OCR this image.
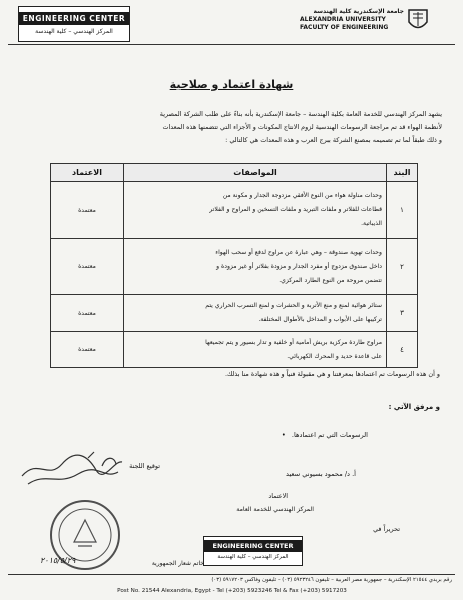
ENGINEERING CENTER
المركز الهندسي – كلية الهندسة
جامعة الإسكندرية كلية الهندسة
ALEXANDRIA UNIVERSITY
FACULTY OF ENGINEERING
شهادة اعتماد و صلاحية
يشهد المركز الهندسي للخدمة العامة بكلية الهندسة – جامعة الإسكندرية بأنه بناءً على طلب الشركة المصرية
لأنظمة الهواء قد تم مراجعة الرسومات الهندسية لزوم الانتاج المكونات و الأجزاء التي تتضمنها هذه المعدات
و ذلك طبقاً لما تم تصميمه بمصنع الشركة ببرج العرب و هذه المعدات هي كالتالي :
البند	المواصفات	الاعتماد
١	وحدات مناولة هواء من النوع الأفقي مزدوجة الجدار و مكونة من
قطاعات للفلاتر و ملفات التبريد و ملفات التسخين و المراوح و الفلاتر
الذيباتية.	معتمدة
٢	وحدات تهوية صندوقة – وهي عبارة عن مراوح لدفع أو سحب الهواء
داخل صندوق مزدوج أو مفرد الجدار و مزودة بفلاتر أو غير مزودة و
تتضمن مروحة من النوع الطارد المركزي.	معتمدة
٣	ستائر هوائية لمنع و منع الأتربة و الحشرات و لمنع التسرب الحراري يتم
تركيبها على الأبواب و المداخل بالأطوال المختلفة.	معتمدة
٤	مراوح طاردة مركزية بريش أمامية أو خلفية و تدار بسيور و يتم تجميعها
على قاعدة حديد و المحرك الكهربائي.	معتمدة
و أن هذه الرسومات تم اعتمادها بمعرفتنا و هي مقبولة فنياً و هذه شهادة منا بذلك.
و مرفق الآتي :
الرسومات التي تم اعتمادها. •
توقيع اللجنة
أ. د/ محمود بسيوني سعيد
الاعتماد
المركز الهندسي للخدمة العامة
ENGINEERING CENTER
المركز الهندسي – كلية الهندسة
خاتم شعار الجمهورية
٢٠١٥/٥/٢٩
تحريراً في
رقم بريدي ٢١٥٤٤ الإسكندرية – جمهورية مصر العربية – تليفون ٥٩٢٣٢٤٦ (٠٣) – تليفون وفاكس ٥٩١٧٢٠٣ (٠٣)
Post No. 21544 Alexandria, Egypt - Tel (+203) 5923246 Tel & Fax (+203) 5917203
